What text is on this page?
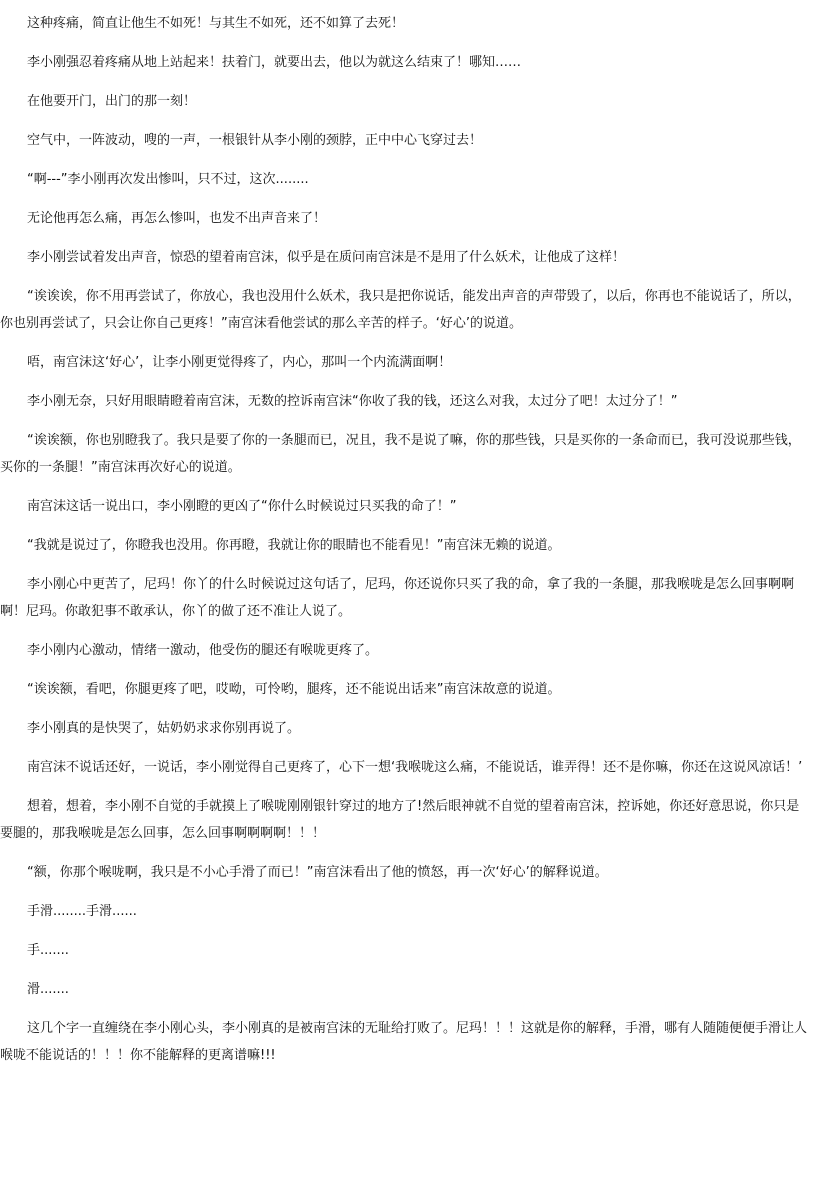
这种疼痛，简直让他生不如死！与其生不如死，还不如算了去死！

李小刚强忍着疼痛从地上站起来！扶着门，就要出去，他以为就这么结束了！哪知……

在他要开门，出门的那一刻！

空气中，一阵波动，嗖的一声，一根银针从李小刚的颈脖，正中中心飞穿过去！

“啊---”李小刚再次发出惨叫，只不过，这次........

无论他再怎么痛，再怎么惨叫，也发不出声音来了！

李小刚尝试着发出声音，惊恐的望着南宫沫，似乎是在质问南宫沫是不是用了什么妖术，让他成了这样！

“诶诶诶，你不用再尝试了，你放心，我也没用什么妖术，我只是把你说话，能发出声音的声带毁了，以后，你再也不能说话了，所以，你也别再尝试了，只会让你自己更疼！”南宫沫看他尝试的那么辛苦的样子。‘好心’的说道。

唔，南宫沫这‘好心’，让李小刚更觉得疼了，内心，那叫一个内流满面啊！

李小刚无奈，只好用眼睛瞪着南宫沫，无数的控诉南宫沫“你收了我的钱，还这么对我，太过分了吧！太过分了！”

“诶诶额，你也别瞪我了。我只是要了你的一条腿而已，况且，我不是说了嘛，你的那些钱，只是买你的一条命而已，我可没说那些钱，买你的一条腿！”南宫沫再次好心的说道。

南宫沫这话一说出口，李小刚瞪的更凶了“你什么时候说过只买我的命了！”

“我就是说过了，你瞪我也没用。你再瞪，我就让你的眼睛也不能看见！”南宫沫无赖的说道。

李小刚心中更苦了，尼玛！你丫的什么时候说过这句话了，尼玛，你还说你只买了我的命，拿了我的一条腿，那我喉咙是怎么回事啊啊啊！尼玛。你敢犯事不敢承认，你丫的做了还不准让人说了。

李小刚内心激动，情绪一激动，他受伤的腿还有喉咙更疼了。

“诶诶额，看吧，你腿更疼了吧，哎呦，可怜哟，腿疼，还不能说出话来”南宫沫故意的说道。

李小刚真的是快哭了，姑奶奶求求你别再说了。

南宫沫不说话还好，一说话，李小刚觉得自己更疼了，心下一想‘我喉咙这么痛，不能说话，谁弄得！还不是你嘛，你还在这说风凉话！’

想着，想着，李小刚不自觉的手就摸上了喉咙刚刚银针穿过的地方了!然后眼神就不自觉的望着南宫沫，控诉她，你还好意思说，你只是要腿的，那我喉咙是怎么回事，怎么回事啊啊啊啊！！！

“额，你那个喉咙啊，我只是不小心手滑了而已！”南宫沫看出了他的愤怒，再一次‘好心’的解释说道。

手滑........手滑......

手.......

滑.......

这几个字一直缠绕在李小刚心头，李小刚真的是被南宫沫的无耻给打败了。尼玛！！！这就是你的解释，手滑，哪有人随随便便手滑让人喉咙不能说话的！！！你不能解释的更离谱嘛!!!
